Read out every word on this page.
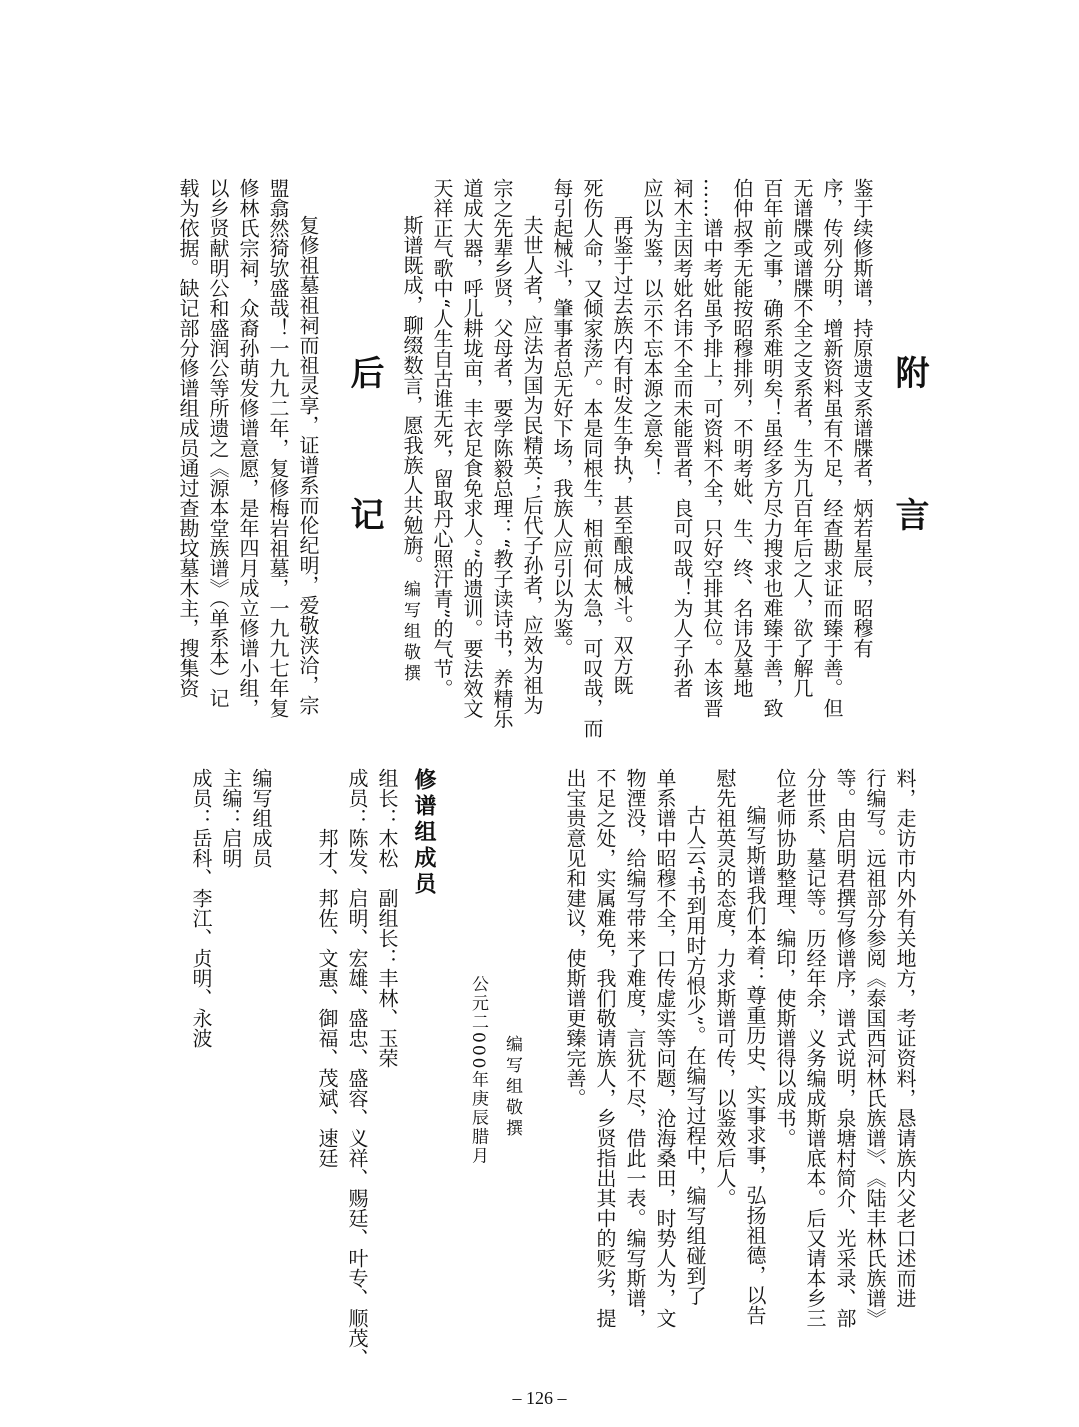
附 言
鉴于续修斯谱，持原遗支系谱牒者，炳若星辰，昭穆有
序，传列分明，增新资料虽有不足，经查勘求证而臻于善。但
无谱牒或谱牒不全之支系者，生为几百年后之人，欲了解几
百年前之事，确系难明矣！虽经多方尽力搜求也难臻于善，致
伯仲叔季无能按昭穆排列，不明考妣、生、终、名讳及墓地
……谱中考妣虽予排上，可资料不全，只好空排其位。本该晋
祠木主因考妣名讳不全而未能晋者，良可叹哉！为人子孙者
应以为鉴，以示不忘本源之意矣！
再鉴于过去族内有时发生争执，甚至酿成械斗。双方既
死伤人命，又倾家荡产。本是同根生，相煎何太急，可叹哉，而
每引起械斗，肇事者总无好下场，我族人应引以为鉴。
夫世人者，应法为国为民精英；后代子孙者，应效为祖为
宗之先辈乡贤，父母者，要学陈毅总理：“教子读诗书，养精乐
道成大器，呼儿耕垅亩，丰衣足食免求人。”的遗训。要法效文
天祥正气歌中“人生自古谁无死，留取丹心照汗青”的气节。
斯谱既成，聊缀数言，愿我族人共勉旃。
编写组敬撰
后 记
复修祖墓祖祠而祖灵享，证谱系而伦纪明，爱敬浃洽，宗
盟翕然猗欤盛哉！一九九二年，复修梅岩祖墓，一九九七年复
修林氏宗祠，众裔孙萌发修谱意愿，是年四月成立修谱小组，
以乡贤献明公和盛润公等所遗之《源本堂族谱》（单系本）记
载为依据。缺记部分修谱组成员通过查勘坟墓木主，搜集资
料，走访市内外有关地方，考证资料，恳请族内父老口述而进
行编写。远祖部分参阅《泰国西河林氏族谱》、《陆丰林氏族谱》
等。由启明君撰写修谱序，谱式说明，泉塘村简介、光采录、部
分世系、墓记等。历经年余，义务编成斯谱底本。后又请本乡三
位老师协助整理、编印，使斯谱得以成书。
编写斯谱我们本着：尊重历史、实事求事，弘扬祖德，以告
慰先祖英灵的态度，力求斯谱可传，以鉴效后人。
古人云“书到用时方恨少”。在编写过程中，编写组碰到了
单系谱中昭穆不全，口传虚实等问题，沧海桑田，时势人为，文
物湮没，给编写带来了难度，言犹不尽，借此一表。编写斯谱，
不足之处，实属难免，我们敬请族人，乡贤指出其中的贬劣，提
出宝贵意见和建议，使斯谱更臻完善。
编写组敬撰
公元二000年庚辰腊月
修谱组成员
组长：木松　副组长：丰林、玉荣
成员：陈发、启明、宏雄、盛忠、盛容、义祥、赐廷、叶专、顺茂、
邦才、邦佐、文惠、御福、茂斌、速廷
编写组成员
主编：启明
成员：岳科、李江、贞明、永波
– 126 –
